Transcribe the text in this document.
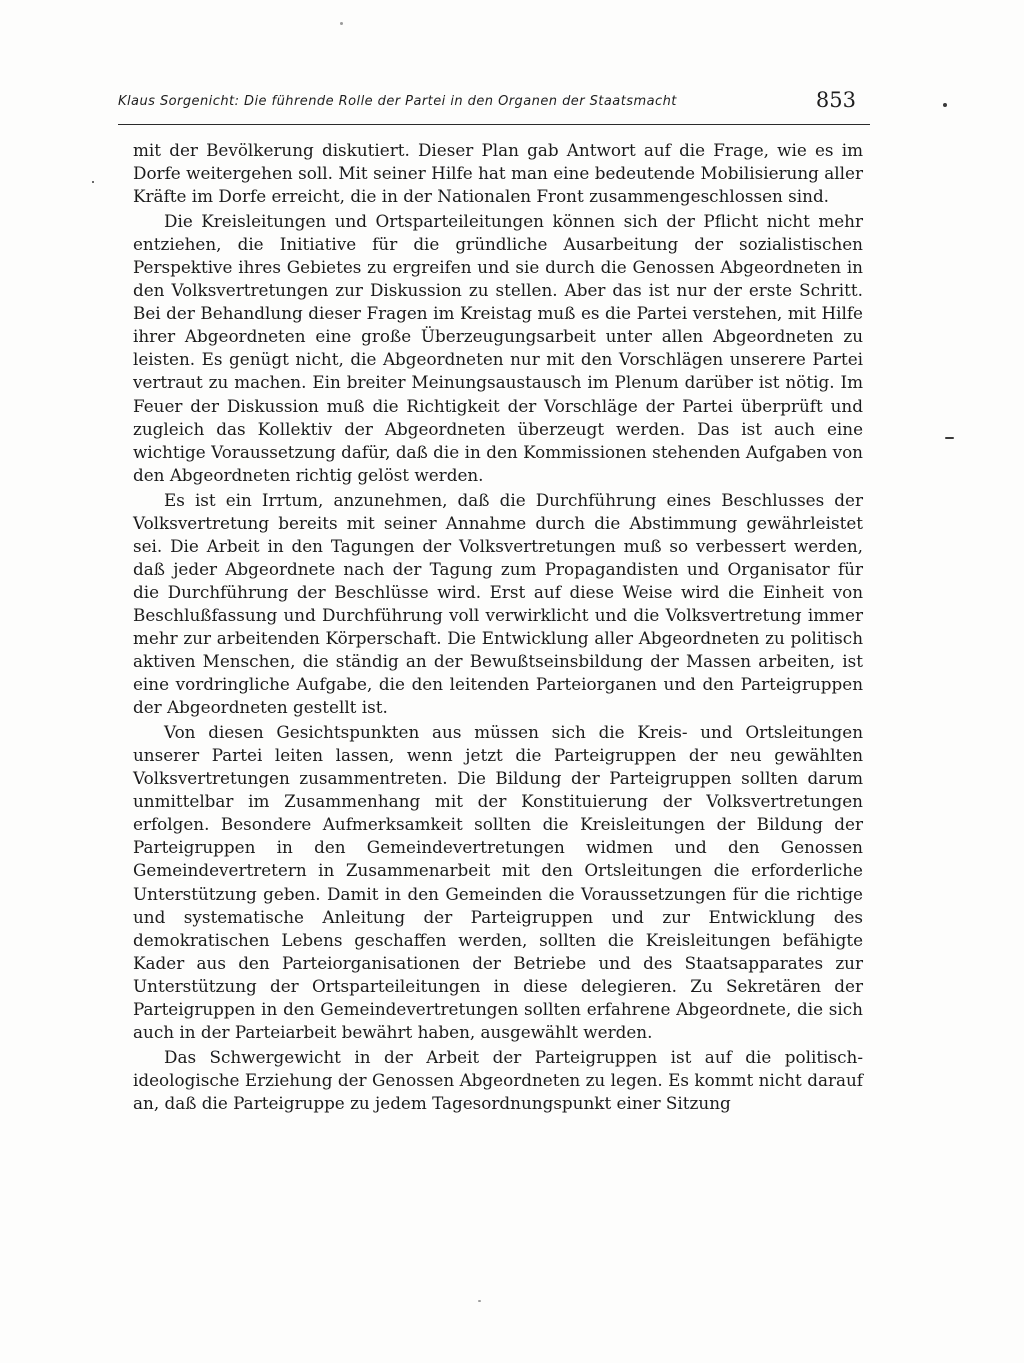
Klaus Sorgenicht: Die führende Rolle der Partei in den Organen der Staatsmacht	853

mit der Bevölkerung diskutiert. Dieser Plan gab Antwort auf die Frage, wie es im Dorfe weitergehen soll. Mit seiner Hilfe hat man eine bedeutende Mobilisierung aller Kräfte im Dorfe erreicht, die in der Nationalen Front zusammengeschlossen sind.

Die Kreisleitungen und Ortsparteileitungen können sich der Pflicht nicht mehr entziehen, die Initiative für die gründliche Ausarbeitung der sozialistischen Perspektive ihres Gebietes zu ergreifen und sie durch die Genossen Abgeordneten in den Volksvertretungen zur Diskussion zu stellen. Aber das ist nur der erste Schritt. Bei der Behandlung dieser Fragen im Kreistag muß es die Partei verstehen, mit Hilfe ihrer Abgeordneten eine große Überzeugungsarbeit unter allen Abgeordneten zu leisten. Es genügt nicht, die Abgeordneten nur mit den Vorschlägen unserere Partei vertraut zu machen. Ein breiter Meinungsaustausch im Plenum darüber ist nötig. Im Feuer der Diskussion muß die Richtigkeit der Vorschläge der Partei überprüft und zugleich das Kollektiv der Abgeordneten überzeugt werden. Das ist auch eine wichtige Voraussetzung dafür, daß die in den Kommissionen stehenden Aufgaben von den Abgeordneten richtig gelöst werden.

Es ist ein Irrtum, anzunehmen, daß die Durchführung eines Beschlusses der Volksvertretung bereits mit seiner Annahme durch die Abstimmung gewährleistet sei. Die Arbeit in den Tagungen der Volksvertretungen muß so verbessert werden, daß jeder Abgeordnete nach der Tagung zum Propagandisten und Organisator für die Durchführung der Beschlüsse wird. Erst auf diese Weise wird die Einheit von Beschlußfassung und Durchführung voll verwirklicht und die Volksvertretung immer mehr zur arbeitenden Körperschaft. Die Entwicklung aller Abgeordneten zu politisch aktiven Menschen, die ständig an der Bewußtseinsbildung der Massen arbeiten, ist eine vordringliche Aufgabe, die den leitenden Parteiorganen und den Parteigruppen der Abgeordneten gestellt ist.

Von diesen Gesichtspunkten aus müssen sich die Kreis- und Ortsleitungen unserer Partei leiten lassen, wenn jetzt die Parteigruppen der neu gewählten Volksvertretungen zusammentreten. Die Bildung der Parteigruppen sollten darum unmittelbar im Zusammenhang mit der Konstituierung der Volksvertretungen erfolgen. Besondere Aufmerksamkeit sollten die Kreisleitungen der Bildung der Parteigruppen in den Gemeindevertretungen widmen und den Genossen Gemeindevertretern in Zusammenarbeit mit den Ortsleitungen die erforderliche Unterstützung geben. Damit in den Gemeinden die Voraussetzungen für die richtige und systematische Anleitung der Parteigruppen und zur Entwicklung des demokratischen Lebens geschaffen werden, sollten die Kreisleitungen befähigte Kader aus den Parteiorganisationen der Betriebe und des Staatsapparates zur Unterstützung der Ortsparteileitungen in diese delegieren. Zu Sekretären der Parteigruppen in den Gemeindevertretungen sollten erfahrene Abgeordnete, die sich auch in der Parteiarbeit bewährt haben, ausgewählt werden.

Das Schwergewicht in der Arbeit der Parteigruppen ist auf die politisch-ideologische Erziehung der Genossen Abgeordneten zu legen. Es kommt nicht darauf an, daß die Parteigruppe zu jedem Tagesordnungspunkt einer Sitzung
